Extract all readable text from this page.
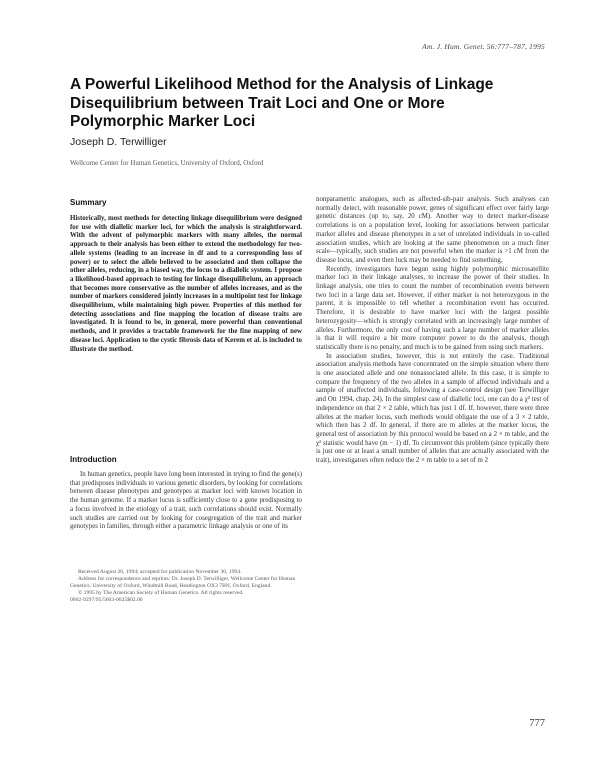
Am. J. Hum. Genet. 56:777–787, 1995
A Powerful Likelihood Method for the Analysis of Linkage
Disequilibrium between Trait Loci and One or More
Polymorphic Marker Loci
Joseph D. Terwilliger
Wellcome Center for Human Genetics, University of Oxford, Oxford
Summary

Historically, most methods for detecting linkage disequilibrium were designed for use with diallelic marker loci, for which the analysis is straightforward. With the advent of polymorphic markers with many alleles, the normal approach to their analysis has been either to extend the methodology for two-allele systems (leading to an increase in df and to a corresponding loss of power) or to select the allele believed to be associated and then collapse the other alleles, reducing, in a biased way, the locus to a diallelic system. I propose a likelihood-based approach to testing for linkage disequilibrium, an approach that becomes more conservative as the number of alleles increases, and as the number of markers considered jointly increases in a multipoint test for linkage disequilibrium, while maintaining high power. Properties of this method for detecting associations and fine mapping the location of disease traits are investigated. It is found to be, in general, more powerful than conventional methods, and it provides a tractable framework for the fine mapping of new disease loci. Application to the cystic fibrosis data of Kerem et al. is included to illustrate the method.

Introduction

In human genetics, people have long been interested in trying to find the gene(s) that predisposes individuals to various genetic disorders, by looking for correlations between disease phenotypes and genotypes at marker loci with known location in the human genome. If a marker locus is sufficiently close to a gene predisposing to a focus involved in the etiology of a trait, such correlations should exist. Normally such studies are carried out by looking for cosegregation of the trait and marker genotypes in families, through either a parametric linkage analysis or one of its

Received August 26, 1994; accepted for publication November 30, 1994.

Address for correspondence and reprints: Dr. Joseph D. Terwilliger, Wellcome Center for Human Genetics, University of Oxford, Windmill Road, Headington OX3 7BN, Oxford, England.

© 1995 by The American Society of Human Genetics. All rights reserved.

0002-9297/95/5603-0025$02.00

nonparametric analogues, such as affected-sib-pair analysis. Such analyses can normally detect, with reasonable power, genes of significant effect over fairly large genetic distances (up to, say, 20 cM). Another way to detect marker-disease correlations is on a population level, looking for associations between particular marker alleles and disease phenotypes in a set of unrelated individuals in so-called association studies, which are looking at the same phenomenon on a much finer scale—typically, such studies are not powerful when the marker is >1 cM from the disease locus, and even then luck may be needed to find something.

Recently, investigators have begun using highly polymorphic microsatellite marker loci in their linkage analyses, to increase the power of their studies. In linkage analysis, one tries to count the number of recombination events between two loci in a large data set. However, if either marker is not heterozygous in the parent, it is impossible to tell whether a recombination event has occurred. Therefore, it is desirable to have marker loci with the largest possible heterozygosity—which is strongly correlated with an increasingly large number of alleles. Furthermore, the only cost of having such a large number of marker alleles is that it will require a bit more computer power to do the analysis, though statistically there is no penalty, and much is to be gained from using such markers.

In association studies, however, this is not entirely the case. Traditional association analysis methods have concentrated on the simple situation where there is one associated allele and one nonassociated allele. In this case, it is simple to compare the frequency of the two alleles in a sample of affected individuals and a sample of unaffected individuals, following a case-control design (see Terwilliger and Ott 1994, chap. 24). In the simplest case of diallelic loci, one can do a χ² test of independence on that 2 × 2 table, which has just 1 df. If, however, there were three alleles at the marker locus, such methods would obligate the use of a 3 × 2 table, which then has 2 df. In general, if there are m alleles at the marker locus, the general test of association by this protocol would be based on a 2 × m table, and the χ² statistic would have (m − 1) df. To circumvent this problem (since typically there is just one or at least a small number of alleles that are actually associated with the trait), investigators often reduce the 2 × m table to a set of m 2

777
